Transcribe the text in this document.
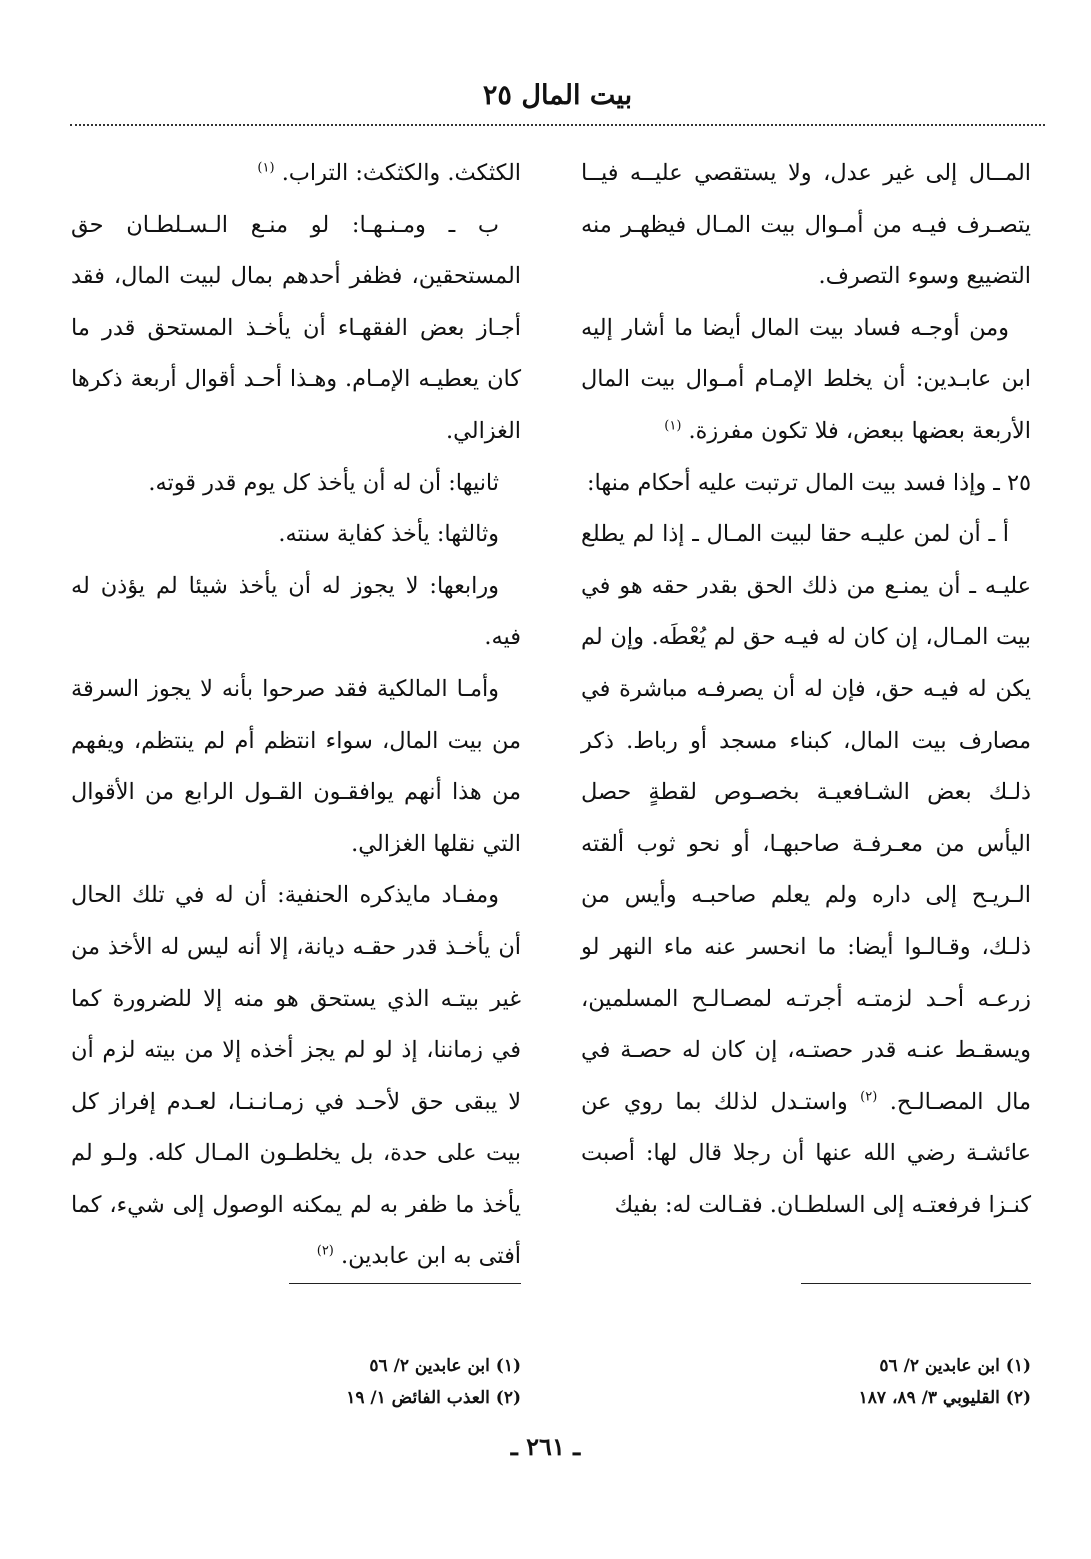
بيت المال ٢٥

المــال إلى غير عدل، ولا يستقصي عليــه فيــا يتصـرف فيـه من أمـوال بيت المـال فيظهـر منه التضييع وسوء التصرف.

ومن أوجـه فساد بيت المال أيضا ما أشار إليه ابن عابـدين: أن يخلط الإمـام أمـوال بيت المال الأربعة بعضها ببعض، فلا تكون مفرزة. $^{(١)}$

٢٥ ـ وإذا فسد بيت المال ترتبت عليه أحكام منها:

أ ـ أن لمن عليـه حقا لبيت المـال ـ إذا لم يطلع عليـه ـ أن يمنـع من ذلك الحق بقدر حقه هو في بيت المـال، إن كان له فيـه حق لم يُعْطَه. وإن لم يكن له فيـه حق، فإن له أن يصرفـه مباشرة في مصارف بيت المال، كبناء مسجد أو رباط. ذكر ذلـك بعض الشـافعيـة بخصـوص لقطةٍ حصل اليأس من معـرفـة صاحبهـا، أو نحو ثوب ألقته الـريـح إلى داره ولم يعلم صاحبـه وأيس من ذلـك، وقـالـوا أيضا: ما انحسر عنه ماء النهر لو زرعـه أحـد لزمتـه أجرتـه لمصـالـح المسلمين، ويسقـط عنـه قدر حصتـه، إن كان له حصـة في مال المصـالـح. $^{(٢)}$ واستـدل لذلك بما روي عن عائشـة رضي الله عنها أن رجلا قال لها: أصبت كنـزا فرفعتـه إلى السلطـان. فقـالت له: بفيك

الكثكث. والكثكث: التراب. $^{(١)}$

ب ـ ومـنـهـا: لو منـع الـسـلطـان حق المستحقين، فظفر أحدهم بمال لبيت المال، فقد أجـاز بعض الفقهـاء أن يأخـذ المستحق قدر ما كان يعطيـه الإمـام. وهـذا أحـد أقوال أربعة ذكرها الغزالي.

ثانيها: أن له أن يأخذ كل يوم قدر قوته.

وثالثها: يأخذ كفاية سنته.

ورابعها: لا يجوز له أن يأخذ شيئا لم يؤذن له فيه.

وأمـا المالكية فقد صرحوا بأنه لا يجوز السرقة من بيت المال، سواء انتظم أم لم ينتظم، ويفهم من هذا أنهم يوافقـون القـول الرابع من الأقوال التي نقلها الغزالي.

ومفـاد مايذكره الحنفية: أن له في تلك الحال أن يأخـذ قدر حقـه ديانة، إلا أنه ليس له الأخذ من غير بيتـه الذي يستحق هو منه إلا للضرورة كما في زماننا، إذ لو لم يجز أخذه إلا من بيته لزم أن لا يبقى حق لأحـد في زمـانـنـا، لعـدم إفراز كل بيت على حدة، بل يخلطـون المـال كله. ولـو لم يأخذ ما ظفر به لم يمكنه الوصول إلى شيء، كما أفتى به ابن عابدين. $^{(٢)}$

(١) ابن عابدين ٢/ ٥٦

(٢) القليوبي ٣/ ٨٩، ١٨٧

(١) ابن عابدين ٢/ ٥٦

(٢) العذب الفائض ١/ ١٩

ـ ٢٦١ ـ
